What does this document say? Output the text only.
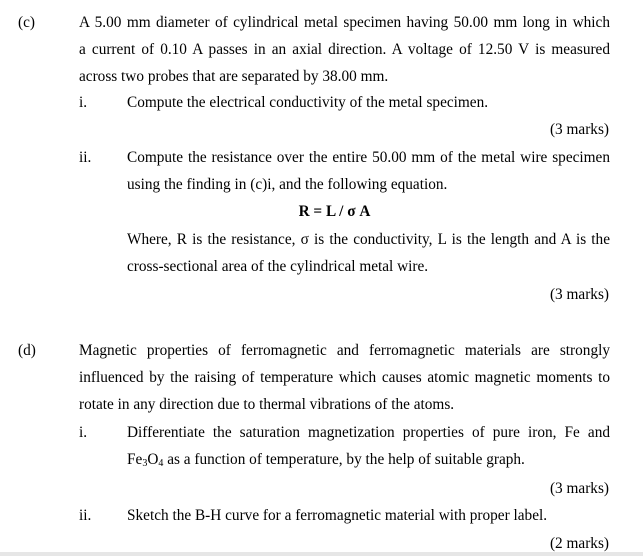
(c)	A 5.00 mm diameter of cylindrical metal specimen having 50.00 mm long in which
a current of 0.10 A passes in an axial direction. A voltage of 12.50 V is measured
across two probes that are separated by 38.00 mm.
i.	Compute the electrical conductivity of the metal specimen.
(3 marks)
ii. Compute the resistance over the entire 50.00 mm of the metal wire specimen
using the finding in (c)i, and the following equation.
R = L / σ A
Where, R is the resistance, σ is the conductivity, L is the length and A is the
cross-sectional area of the cylindrical metal wire.
(3 marks)
(d)	Magnetic properties of ferromagnetic and ferromagnetic materials are strongly
influenced by the raising of temperature which causes atomic magnetic moments to
rotate in any direction due to thermal vibrations of the atoms.
i.	Differentiate the saturation magnetization properties of pure iron, Fe and
$Fe_3O_4$ as a function of temperature, by the help of suitable graph.
(3 marks)
ii. Sketch the B-H curve for a ferromagnetic material with proper label.
(2 marks)
